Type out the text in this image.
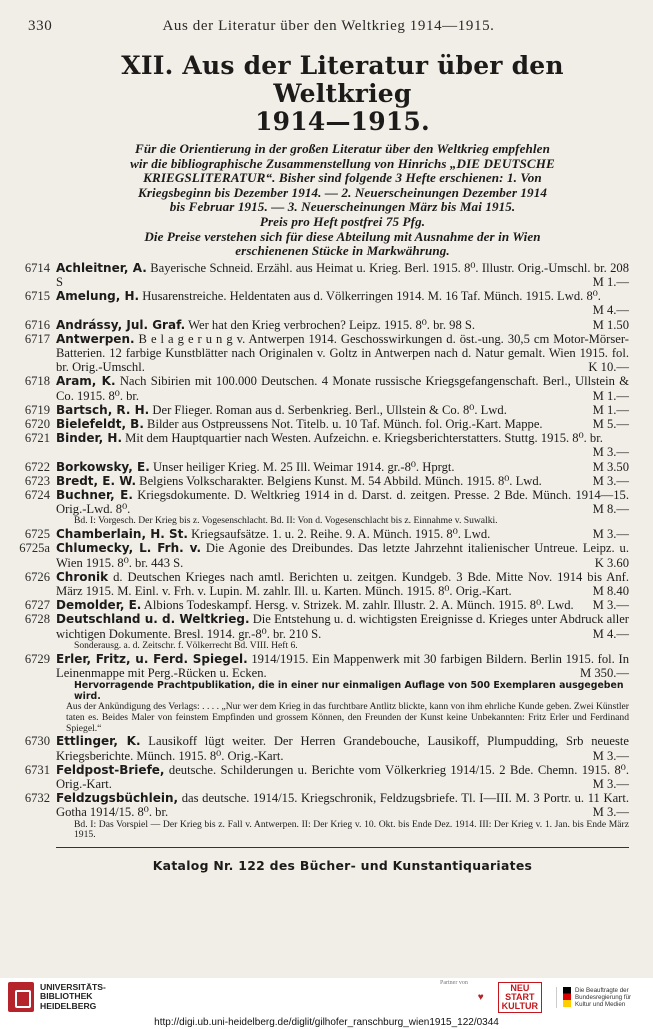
330	Aus der Literatur über den Weltkrieg 1914—1915.
XII. Aus der Literatur über den Weltkrieg
1914—1915.
Für die Orientierung in der großen Literatur über den Weltkrieg empfehlen
wir die bibliographische Zusammenstellung von Hinrichs „DIE DEUTSCHE
KRIEGSLITERATUR“. Bisher sind folgende 3 Hefte erschienen: 1. Von
Kriegsbeginn bis Dezember 1914. — 2. Neuerscheinungen Dezember 1914
bis Februar 1915. — 3. Neuerscheinungen März bis Mai 1915.
Preis pro Heft postfrei 75 Pfg.
Die Preise verstehen sich für diese Abteilung mit Ausnahme der in Wien
erschienenen Stücke in Markwährung.
6714 Achleitner, A. Bayerische Schneid. Erzähl. aus Heimat u. Krieg. Berl. 1915. 8⁰. Illustr. Orig.-Umschl. br. 208 S	M 1.—
6715 Amelung, H. Husarenstreiche. Heldentaten aus d. Völkerringen 1914. M. 16 Taf. Münch. 1915. Lwd. 8⁰.
M 4.—
6716 Andrássy, Jul. Graf. Wer hat den Krieg verbrochen? Leipz. 1915. 8⁰. br. 98 S.	M 1.50
6717 Antwerpen. B e l a g e r u n g v. Antwerpen 1914. Geschosswirkungen d. öst.-ung. 30,5 cm Motor-Mörser-Batterien. 12 farbige Kunstblätter nach Originalen v. Goltz in Antwerpen nach d. Natur gemalt. Wien 1915. fol. br. Orig.-Umschl.	K 10.—
6718 Aram, K. Nach Sibirien mit 100.000 Deutschen. 4 Monate russische Kriegsgefangenschaft. Berl., Ullstein & Co. 1915. 8⁰. br.	M 1.—
6719 Bartsch, R. H. Der Flieger. Roman aus d. Serbenkrieg. Berl., Ullstein & Co. 8⁰. Lwd.	M 1.—
6720 Bielefeldt, B. Bilder aus Ostpreussens Not. Titelb. u. 10 Taf. Münch. fol. Orig.-Kart. Mappe.	M 5.—
6721 Binder, H. Mit dem Hauptquartier nach Westen. Aufzeichn. e. Kriegsberichterstatters. Stuttg. 1915. 8⁰. br.
M 3.—
6722 Borkowsky, E. Unser heiliger Krieg. M. 25 Ill. Weimar 1914. gr.-8⁰. Hprgt.	M 3.50
6723 Bredt, E. W. Belgiens Volkscharakter. Belgiens Kunst. M. 54 Abbild. Münch. 1915. 8⁰. Lwd.	M 3.—
6724 Buchner, E. Kriegsdokumente. D. Weltkrieg 1914 in d. Darst. d. zeitgen. Presse. 2 Bde. Münch. 1914—15. Orig.-Lwd. 8⁰.	M 8.—
Bd. I: Vorgesch. Der Krieg bis z. Vogesenschlacht. Bd. II: Von d. Vogesenschlacht bis z. Einnahme v. Suwalki.
6725 Chamberlain, H. St. Kriegsaufsätze. 1. u. 2. Reihe. 9. A. Münch. 1915. 8⁰. Lwd.	M 3.—
6725a Chlumecky, L. Frh. v. Die Agonie des Dreibundes. Das letzte Jahrzehnt italienischer Untreue. Leipz. u. Wien 1915. 8⁰. br. 443 S.	K 3.60
6726 Chronik d. Deutschen Krieges nach amtl. Berichten u. zeitgen. Kundgeb. 3 Bde. Mitte Nov. 1914 bis Anf. März 1915. M. Einl. v. Frh. v. Lupin. M. zahlr. Ill. u. Karten. Münch. 1915. 8⁰. Orig.-Kart.	M 8.40
6727 Demolder, E. Albions Todeskampf. Hersg. v. Strizek. M. zahlr. Illustr. 2. A. Münch. 1915. 8⁰. Lwd. M 3.—
6728 Deutschland u. d. Weltkrieg. Die Entstehung u. d. wichtigsten Ereignisse d. Krieges unter Abdruck aller wichtigen Dokumente. Bresl. 1914. gr.-8⁰. br. 210 S.	M 4.—
Sonderausg. a. d. Zeitschr. f. Völkerrecht Bd. VIII. Heft 6.
6729 Erler, Fritz, u. Ferd. Spiegel. 1914/1915. Ein Mappenwerk mit 30 farbigen Bildern. Berlin 1915. fol. In Leinenmappe mit Perg.-Rücken u. Ecken.	M 350.—
Hervorragende Prachtpublikation, die in einer nur einmaligen Auflage von 500 Exemplaren ausgegeben wird.
Aus der Ankündigung des Verlags: . . . . „Nur wer dem Krieg in das furchtbare Antlitz blickte, kann von ihm ehrliche Kunde geben. Zwei Künstler taten es. Beides Maler von feinstem Empfinden und grossem Können, den Freunden der Kunst keine Unbekannten: Fritz Erler und Ferdinand Spiegel.“
6730 Ettlinger, K. Lausikoff lügt weiter. Der Herren Grandebouche, Lausikoff, Plumpudding, Srb neueste Kriegsberichte. Münch. 1915. 8⁰. Orig.-Kart.	M 3.—
6731 Feldpost-Briefe, deutsche. Schilderungen u. Berichte vom Völkerkrieg 1914/15. 2 Bde. Chemn. 1915. 8⁰. Orig.-Kart.	M 3.—
6732 Feldzugsbüchlein, das deutsche. 1914/15. Kriegschronik, Feldzugsbriefe. Tl. I—III. M. 3 Portr. u. 11 Kart. Gotha 1914/15. 8⁰. br.	M 3.—
Bd. I: Das Vorspiel — Der Krieg bis z. Fall v. Antwerpen. II: Der Krieg v. 10. Okt. bis Ende Dez. 1914. III: Der Krieg v. 1. Jan. bis Ende März 1915.
Katalog Nr. 122 des Bücher- und Kunstantiquariates
UNIVERSITÄTS-
BIBLIOTHEK
HEIDELBERG
Partner von
♥
NEU
START
KULTUR
Die Beauftragte der Bundesregierung für Kultur und Medien
http://digi.ub.uni-heidelberg.de/diglit/gilhofer_ranschburg_wien1915_122/0344
